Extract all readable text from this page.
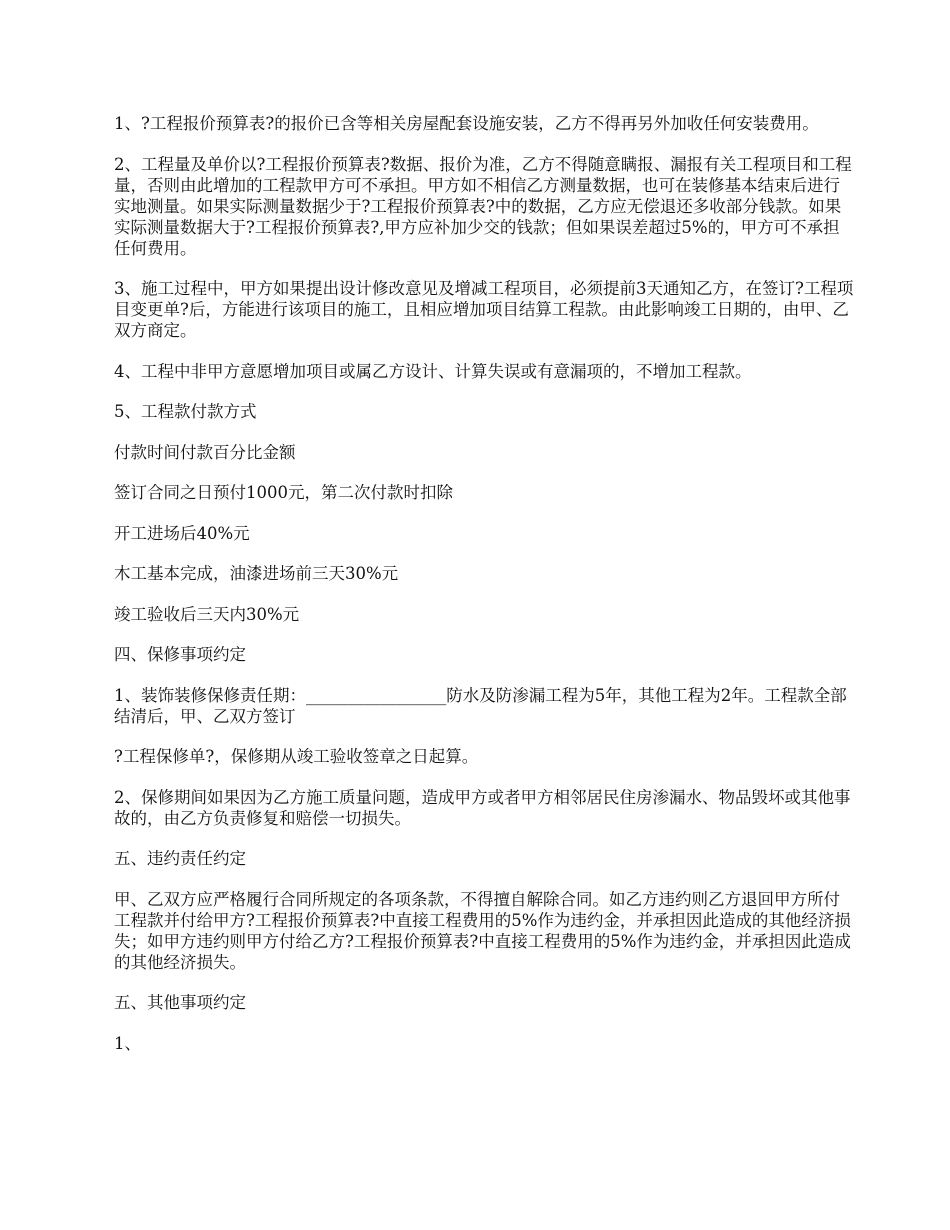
1、?工程报价预算表?的报价已含等相关房屋配套设施安装，乙方不得再另外加收任何安装费用。

2、工程量及单价以?工程报价预算表?数据、报价为准，乙方不得随意瞒报、漏报有关工程项目和工程量，否则由此增加的工程款甲方可不承担。甲方如不相信乙方测量数据，也可在装修基本结束后进行实地测量。如果实际测量数据少于?工程报价预算表?中的数据，乙方应无偿退还多收部分钱款。如果实际测量数据大于?工程报价预算表?,甲方应补加少交的钱款；但如果误差超过5%的，甲方可不承担任何费用。

3、施工过程中，甲方如果提出设计修改意见及增减工程项目，必须提前3天通知乙方，在签订?工程项目变更单?后，方能进行该项目的施工，且相应增加项目结算工程款。由此影响竣工日期的，由甲、乙双方商定。

4、工程中非甲方意愿增加项目或属乙方设计、计算失误或有意漏项的，不增加工程款。

5、工程款付款方式

付款时间付款百分比金额

签订合同之日预付1000元，第二次付款时扣除

开工进场后40%元

木工基本完成，油漆进场前三天30%元

竣工验收后三天内30%元

四、保修事项约定

1、装饰装修保修责任期：_________________防水及防渗漏工程为5年，其他工程为2年。工程款全部结清后，甲、乙双方签订

?工程保修单?，保修期从竣工验收签章之日起算。

2、保修期间如果因为乙方施工质量问题，造成甲方或者甲方相邻居民住房渗漏水、物品毁坏或其他事故的，由乙方负责修复和赔偿一切损失。

五、违约责任约定

甲、乙双方应严格履行合同所规定的各项条款，不得擅自解除合同。如乙方违约则乙方退回甲方所付工程款并付给甲方?工程报价预算表?中直接工程费用的5%作为违约金，并承担因此造成的其他经济损失；如甲方违约则甲方付给乙方?工程报价预算表?中直接工程费用的5%作为违约金，并承担因此造成的其他经济损失。

五、其他事项约定

1、
